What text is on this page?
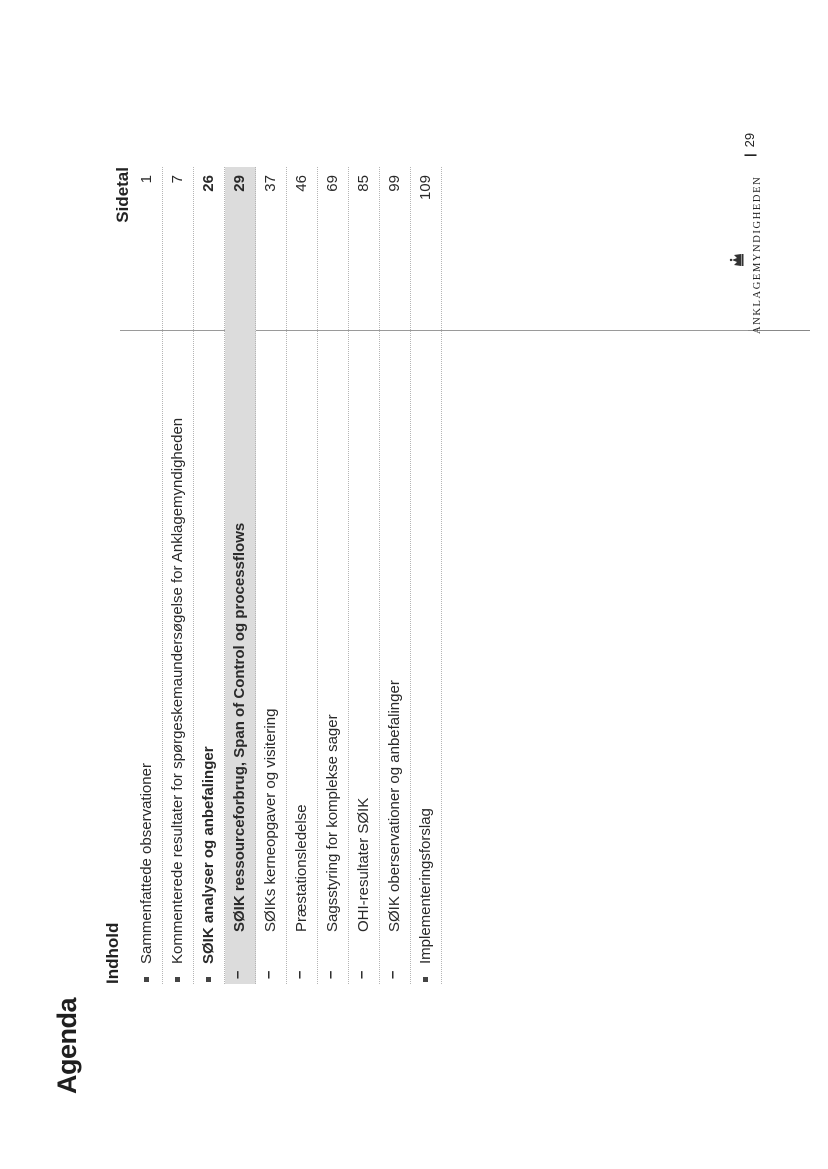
Agenda
Indhold
Sidetal
Sammenfattede observationer
1
Kommenterede resultater for spørgeskemaundersøgelse for Anklagemyndigheden
7
SØIK analyser og anbefalinger
26
–
SØIK ressourceforbrug, Span of Control og processflows
29
–
SØIKs kerneopgaver og visitering
37
–
Præstationsledelse
46
–
Sagsstyring for komplekse sager
69
–
OHI-resultater SØIK
85
–
SØIK oberservationer og anbefalinger
99
Implementeringsforslag
109	ANKLAGEMYNDIGHEDEN
|29
